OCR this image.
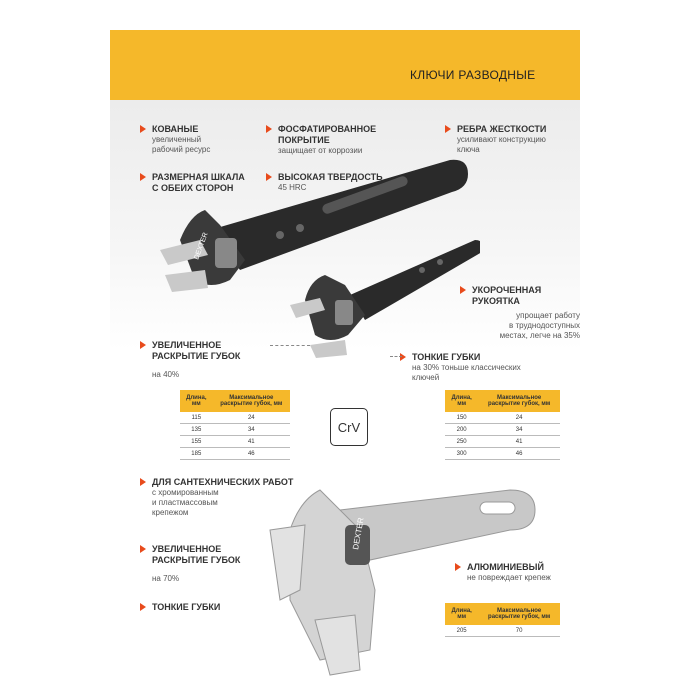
КЛЮЧИ РАЗВОДНЫЕ
DEXTER
DEXTER
КОВАНЫЕ
увеличенный
рабочий ресурс
ФОСФАТИРОВАННОЕ
ПОКРЫТИЕ
защищает от коррозии
РЕБРА ЖЕСТКОСТИ
усиливают конструкцию
ключа
РАЗМЕРНАЯ ШКАЛА
С ОБЕИХ СТОРОН
ВЫСОКАЯ ТВЕРДОСТЬ
45 HRC
УКОРОЧЕННАЯ
РУКОЯТКА
упрощает работу
в труднодоступных
местах, легче на 35%
УВЕЛИЧЕННОЕ
РАСКРЫТИЕ ГУБОК
на 40%
ТОНКИЕ ГУБКИ
на 30% тоньше классических
ключей
Длина, мм	Максимальное раскрытие губок, мм
115	24
135	34
155	41
185	46
CrV
Длина, мм	Максимальное раскрытие губок, мм
150	24
200	34
250	41
300	46
ДЛЯ САНТЕХНИЧЕСКИХ РАБОТ
с хромированным
и пластмассовым
крепежом
УВЕЛИЧЕННОЕ
РАСКРЫТИЕ ГУБОК
на 70%
ТОНКИЕ ГУБКИ
АЛЮМИНИЕВЫЙ
не повреждает крепеж
Длина, мм	Максимальное раскрытие губок, мм
205	70
